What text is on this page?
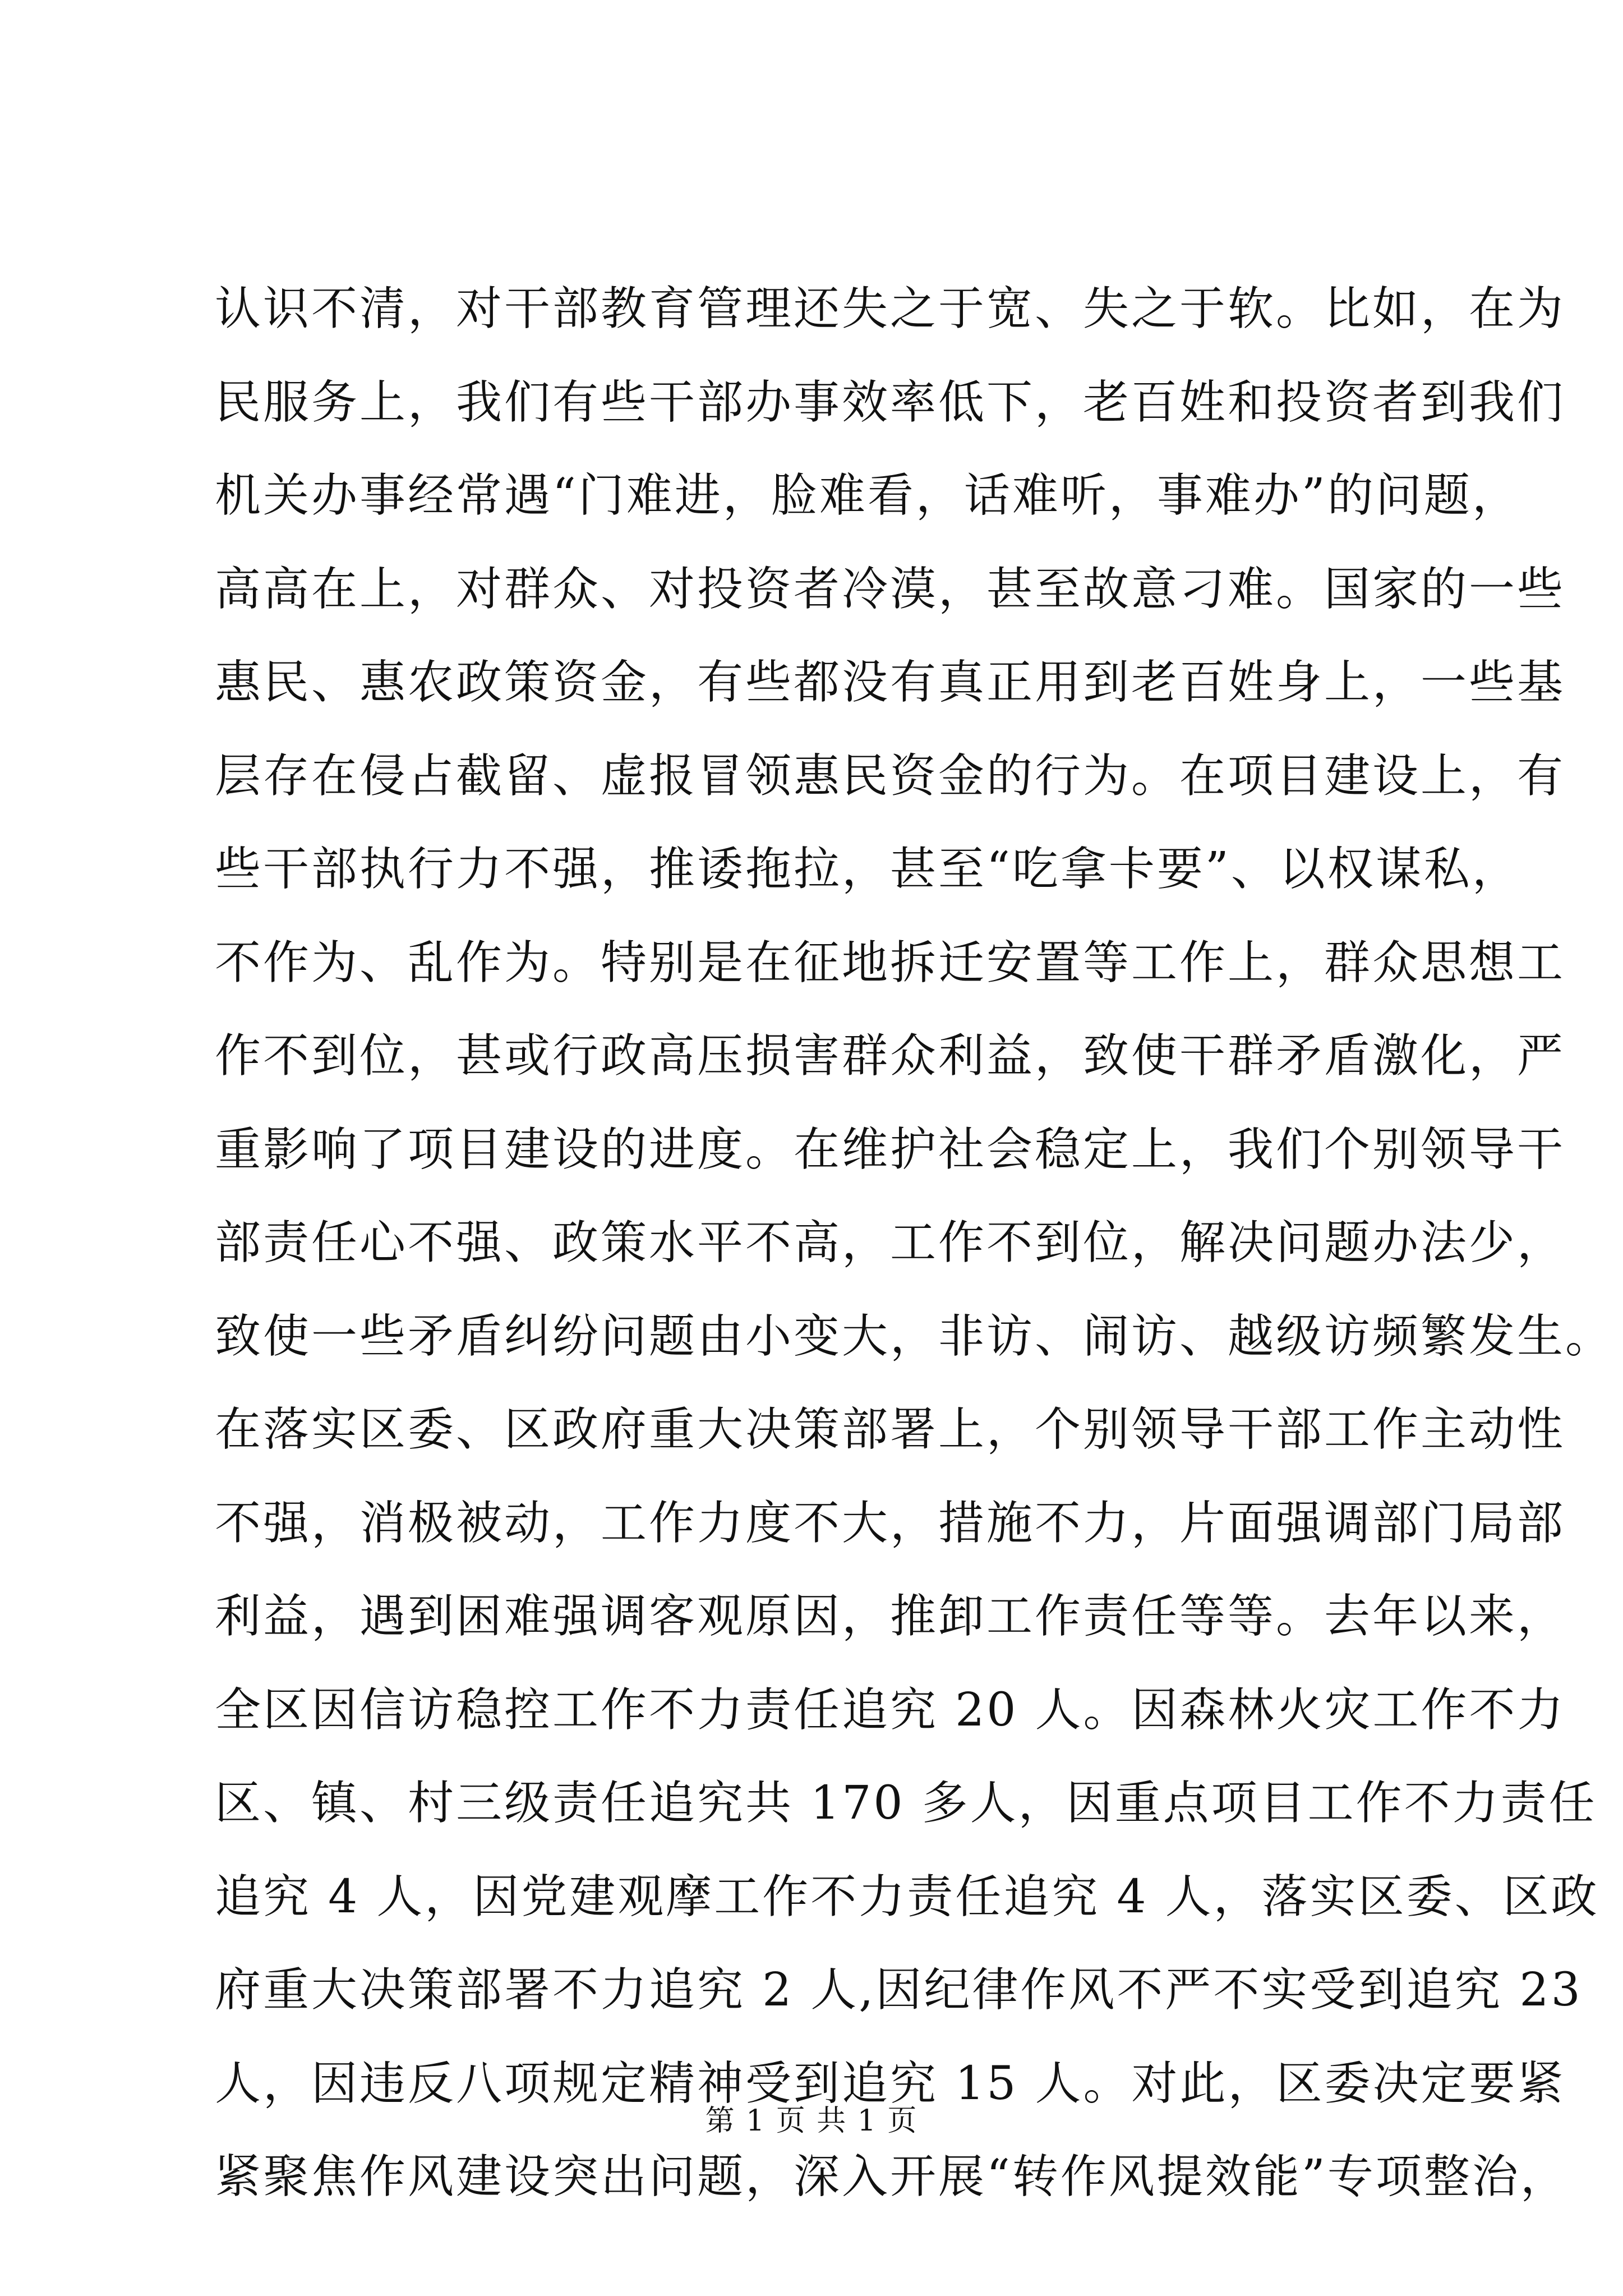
认识不清，对干部教育管理还失之于宽、失之于软。比如，在为
民服务上，我们有些干部办事效率低下，老百姓和投资者到我们
机关办事经常遇“门难进，脸难看，话难听，事难办”的问题，
高高在上，对群众、对投资者冷漠，甚至故意刁难。国家的一些
惠民、惠农政策资金，有些都没有真正用到老百姓身上，一些基
层存在侵占截留、虚报冒领惠民资金的行为。在项目建设上，有
些干部执行力不强，推诿拖拉，甚至“吃拿卡要”、以权谋私，
不作为、乱作为。特别是在征地拆迁安置等工作上，群众思想工
作不到位，甚或行政高压损害群众利益，致使干群矛盾激化，严
重影响了项目建设的进度。在维护社会稳定上，我们个别领导干
部责任心不强、政策水平不高，工作不到位，解决问题办法少，
致使一些矛盾纠纷问题由小变大，非访、闹访、越级访频繁发生。
在落实区委、区政府重大决策部署上，个别领导干部工作主动性
不强，消极被动，工作力度不大，措施不力，片面强调部门局部
利益，遇到困难强调客观原因，推卸工作责任等等。去年以来，
全区因信访稳控工作不力责任追究 20 人。因森林火灾工作不力
区、镇、村三级责任追究共 170 多人，因重点项目工作不力责任
追究 4 人，因党建观摩工作不力责任追究 4 人，落实区委、区政
府重大决策部署不力追究 2 人,因纪律作风不严不实受到追究 23
人，因违反八项规定精神受到追究 15 人。对此，区委决定要紧
紧聚焦作风建设突出问题，深入开展“转作风提效能”专项整治，
第 1 页 共 1 页
